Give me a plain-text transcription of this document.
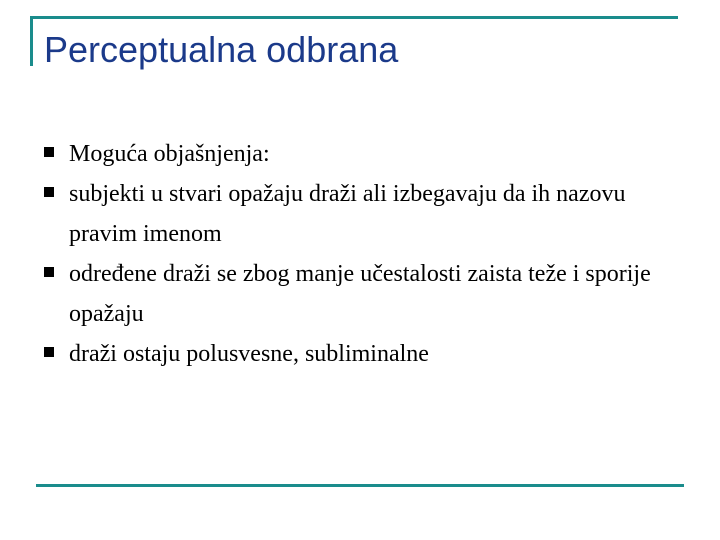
Perceptualna odbrana
Moguća objašnjenja:
subjekti u stvari opažaju draži ali izbegavaju da ih nazovu pravim imenom
određene draži se zbog manje učestalosti zaista teže i sporije opažaju
draži ostaju polusvesne, subliminalne
